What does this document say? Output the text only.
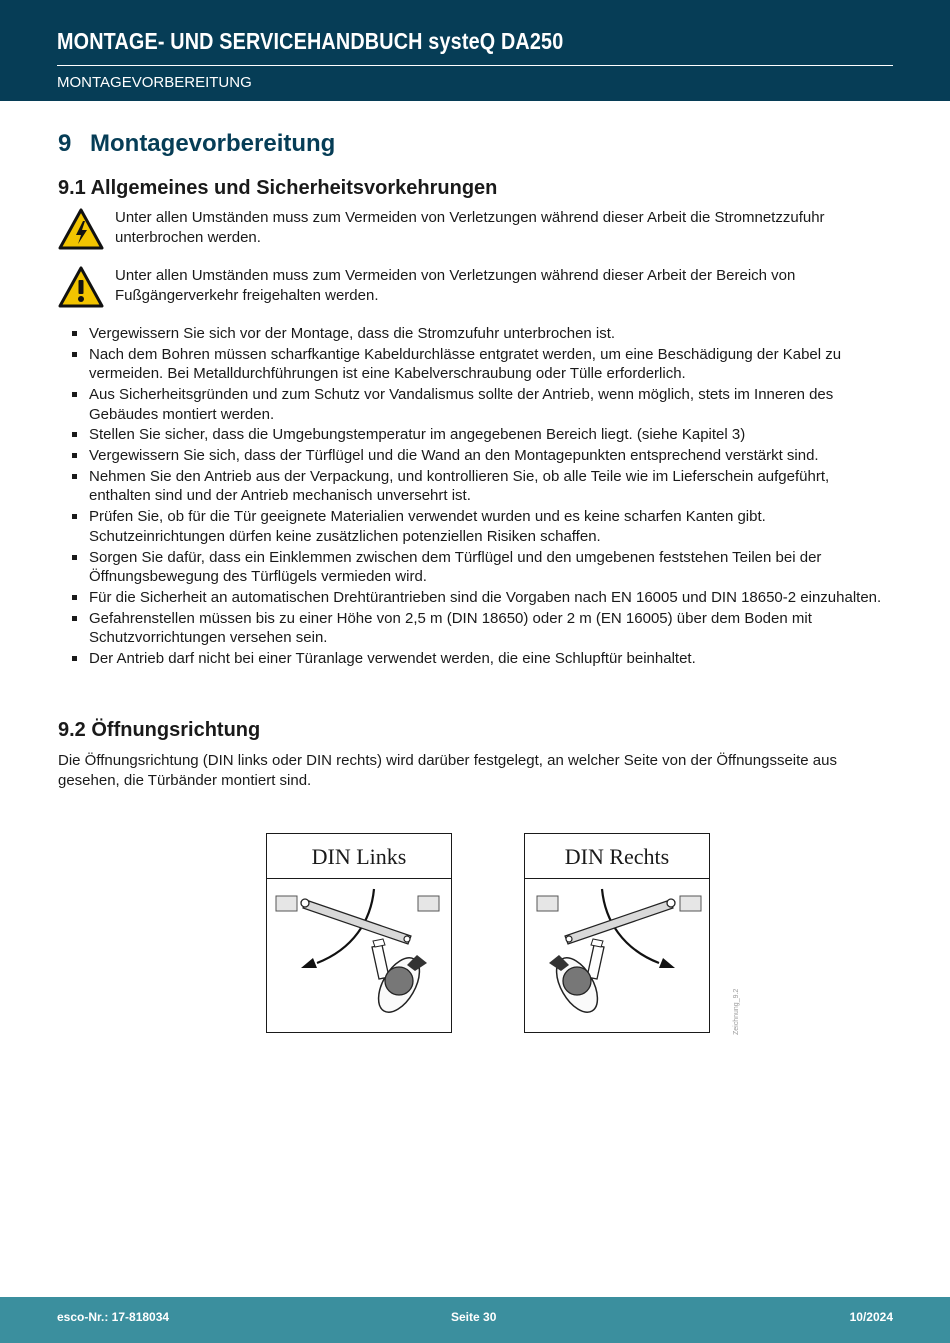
MONTAGE- UND SERVICEHANDBUCH systeQ DA250
MONTAGEVORBEREITUNG
9 Montagevorbereitung
9.1 Allgemeines und Sicherheitsvorkehrungen
Unter allen Umständen muss zum Vermeiden von Verletzungen während dieser Arbeit die Stromnetzzufuhr unterbrochen werden.
Unter allen Umständen muss zum Vermeiden von Verletzungen während dieser Arbeit der Bereich von Fußgängerverkehr freigehalten werden.
Vergewissern Sie sich vor der Montage, dass die Stromzufuhr unterbrochen ist.
Nach dem Bohren müssen scharfkantige Kabeldurchlässe entgratet werden, um eine Beschädigung der Kabel zu vermeiden. Bei Metalldurchführungen ist eine Kabelverschraubung oder Tülle erforderlich.
Aus Sicherheitsgründen und zum Schutz vor Vandalismus sollte der Antrieb, wenn möglich, stets im Inneren des Gebäudes montiert werden.
Stellen Sie sicher, dass die Umgebungstemperatur im angegebenen Bereich liegt. (siehe Kapitel 3)
Vergewissern Sie sich, dass der Türflügel und die Wand an den Montagepunkten entsprechend verstärkt sind.
Nehmen Sie den Antrieb aus der Verpackung, und kontrollieren Sie, ob alle Teile wie im Lieferschein aufgeführt, enthalten sind und der Antrieb mechanisch unversehrt ist.
Prüfen Sie, ob für die Tür geeignete Materialien verwendet wurden und es keine scharfen Kanten gibt. Schutzeinrichtungen dürfen keine zusätzlichen potenziellen Risiken schaffen.
Sorgen Sie dafür, dass ein Einklemmen zwischen dem Türflügel und den umgebenen feststehen Teilen bei der Öffnungsbewegung des Türflügels vermieden wird.
Für die Sicherheit an automatischen Drehtürantrieben sind die Vorgaben nach EN 16005 und DIN 18650-2 einzuhalten.
Gefahrenstellen müssen bis zu einer Höhe von 2,5 m (DIN 18650) oder 2 m (EN 16005) über dem Boden mit Schutzvorrichtungen versehen sein.
Der Antrieb darf nicht bei einer Türanlage verwendet werden, die eine Schlupftür beinhaltet.
9.2 Öffnungsrichtung
Die Öffnungsrichtung (DIN links oder DIN rechts) wird darüber festgelegt, an welcher Seite von der Öffnungsseite aus gesehen, die Türbänder montiert sind.
DIN Links	DIN Rechts
Zeichnung_9.2
esco-Nr.: 17-818034	Seite 30	10/2024
